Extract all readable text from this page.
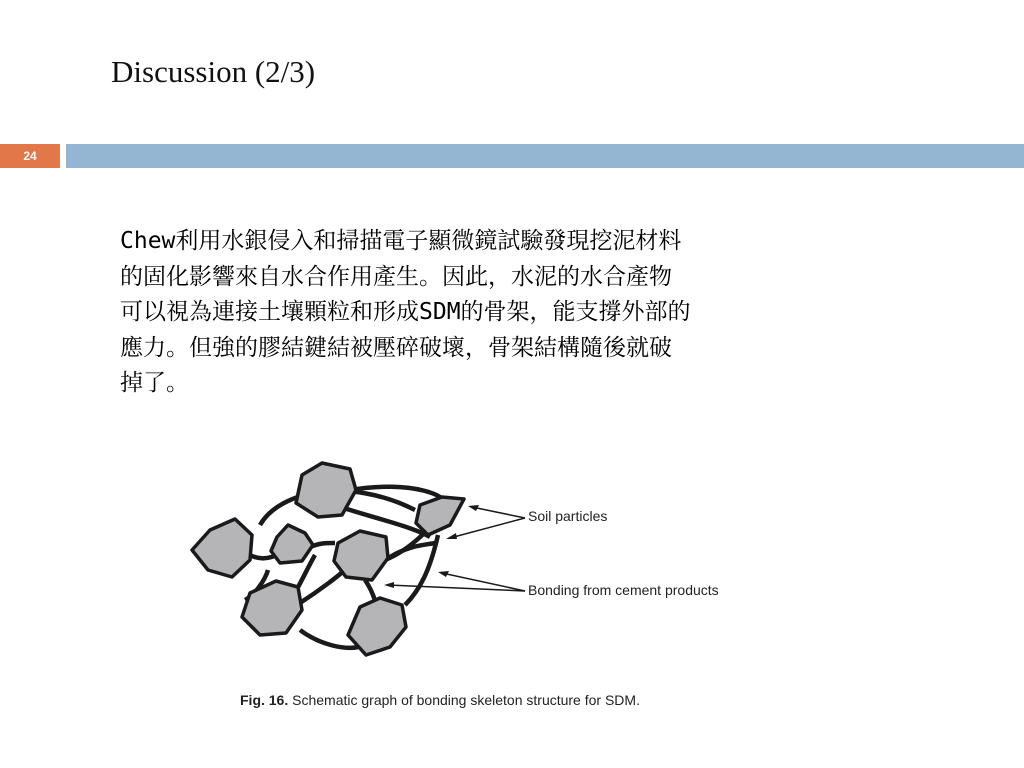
Discussion (2/3)
24
Chew利用水銀侵入和掃描電子顯微鏡試驗發現挖泥材料
的固化影響來自水合作用產生。因此，水泥的水合產物
可以視為連接土壤顆粒和形成SDM的骨架，能支撐外部的
應力。但強的膠結鍵結被壓碎破壞，骨架結構隨後就破
掉了。
Soil particles
Bonding from cement products
Fig. 16. Schematic graph of bonding skeleton structure for SDM.
